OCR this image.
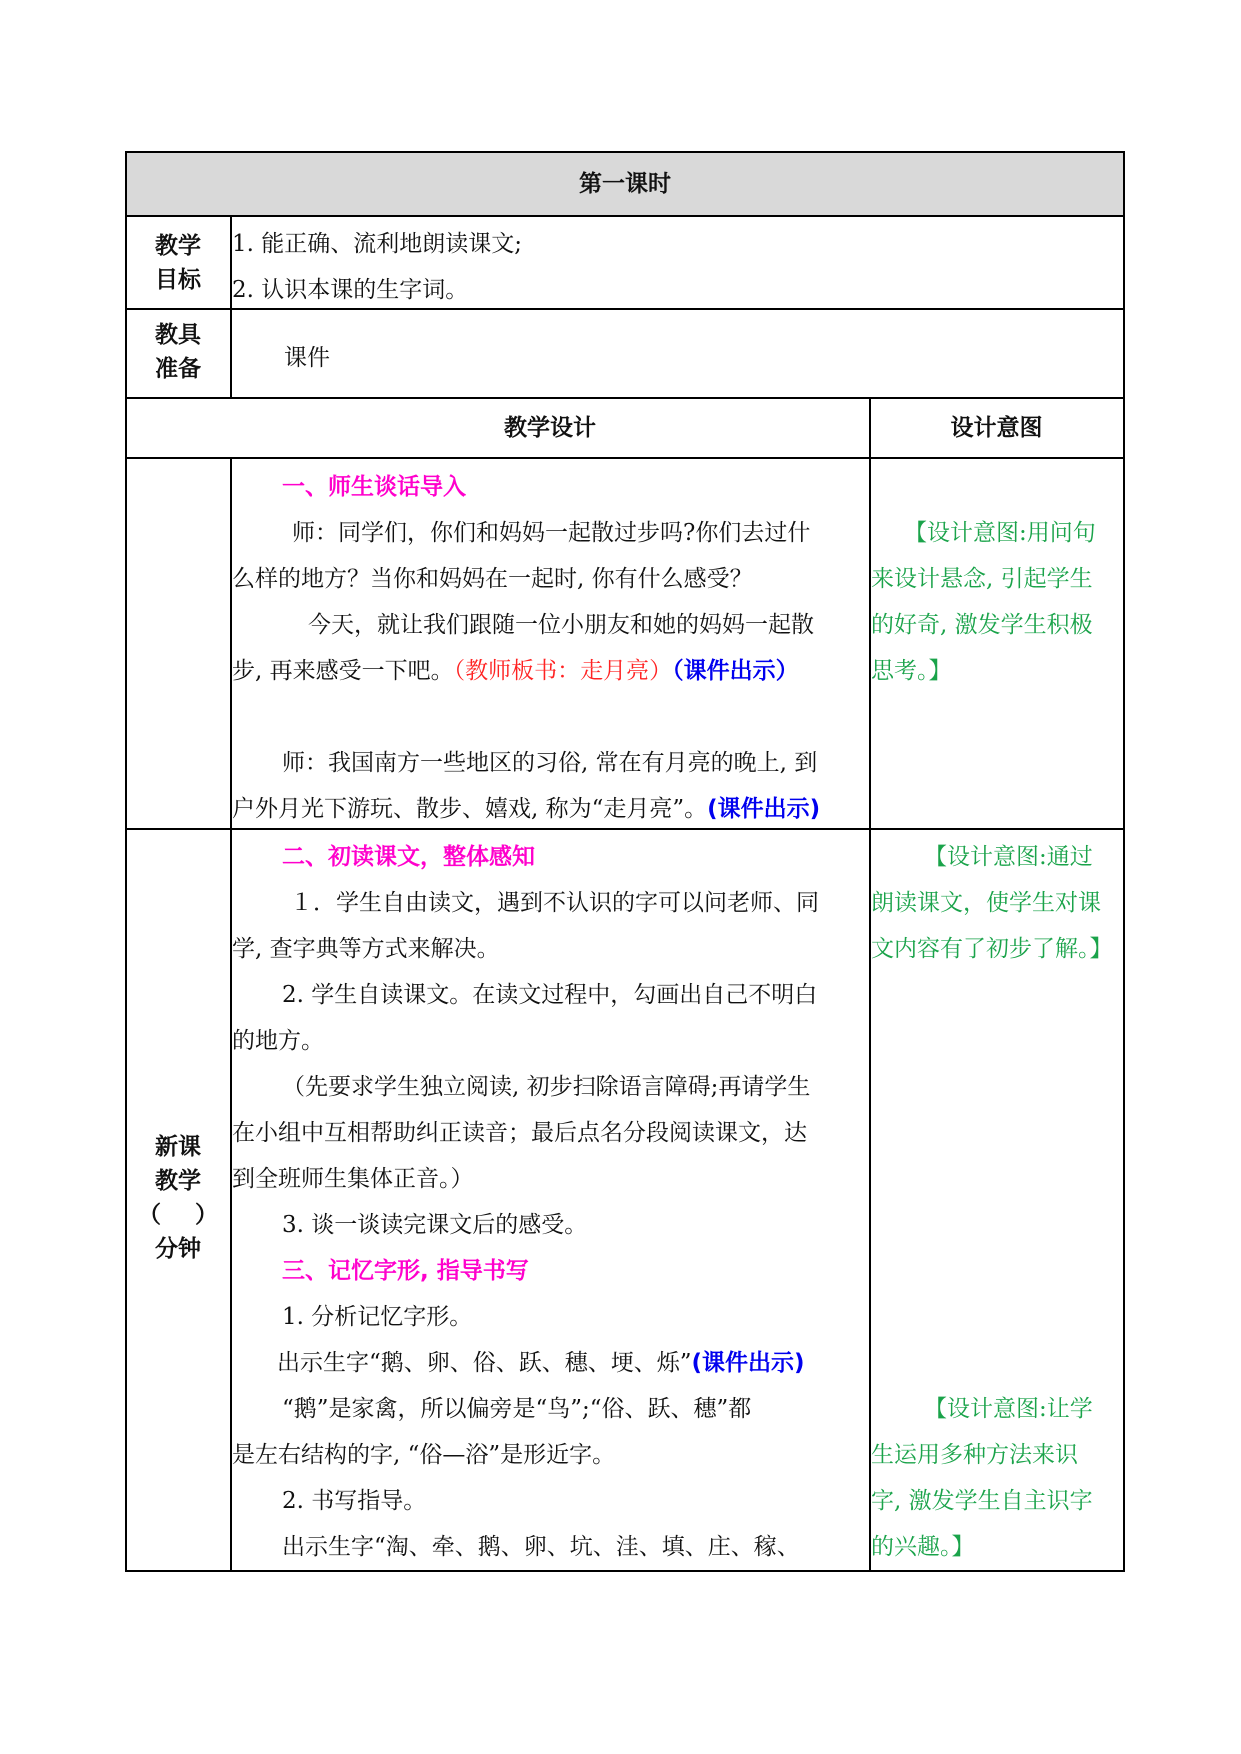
第一课时
教学
目标
1. 能正确、流利地朗读课文;
2. 认识本课的生字词。
教具
准备	课件
教学设计	设计意图
一、师生谈话导入
师：同学们，你们和妈妈一起散过步吗?你们去过什
么样的地方？当你和妈妈在一起时, 你有什么感受？
今天，就让我们跟随一位小朋友和她的妈妈一起散
步, 再来感受一下吧。（教师板书：走月亮）（课件出示）
师：我国南方一些地区的习俗, 常在有月亮的晚上, 到
户外月光下游玩、散步、嬉戏, 称为“走月亮”。(课件出示)
【设计意图:用问句
来设计悬念, 引起学生
的好奇, 激发学生积极
思考。】
新课
教学
（ ）
分钟
二、初读课文，整体感知
１．学生自由读文，遇到不认识的字可以问老师、同
学, 查字典等方式来解决。
2. 学生自读课文。在读文过程中，勾画出自己不明白
的地方。
（先要求学生独立阅读, 初步扫除语言障碍;再请学生
在小组中互相帮助纠正读音；最后点名分段阅读课文，达
到全班师生集体正音。）
3. 谈一谈读完课文后的感受。
【设计意图:通过
朗读课文，使学生对课
文内容有了初步了解。】
三、记忆字形, 指导书写
1. 分析记忆字形。
出示生字“鹅、卵、俗、跃、穗、埂、烁”(课件出示)
“鹅”是家禽，所以偏旁是“鸟”;“俗、跃、穗”都
是左右结构的字, “俗—浴”是形近字。
2. 书写指导。
出示生字“淘、牵、鹅、卵、坑、洼、填、庄、稼、
【设计意图:让学
生运用多种方法来识
字, 激发学生自主识字
的兴趣。】
